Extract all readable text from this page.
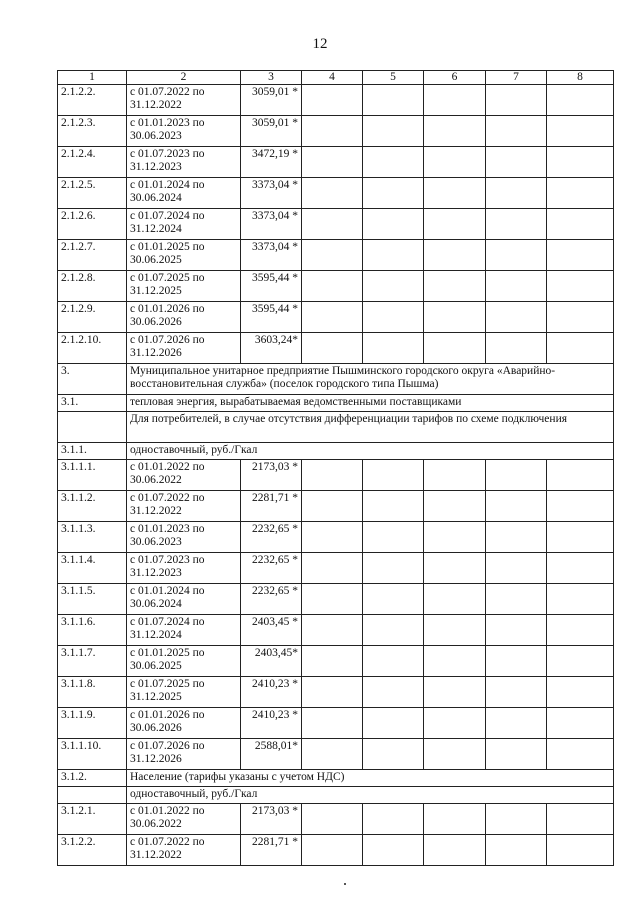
12
1	2	3	4	5	6	7	8
2.1.2.2.	с 01.07.2022 по 31.12.2022	3059,01 *					
2.1.2.3.	с 01.01.2023 по 30.06.2023	3059,01 *					
2.1.2.4.	с 01.07.2023 по 31.12.2023	3472,19 *					
2.1.2.5.	с 01.01.2024 по 30.06.2024	3373,04 *					
2.1.2.6.	с 01.07.2024 по 31.12.2024	3373,04 *					
2.1.2.7.	с 01.01.2025 по 30.06.2025	3373,04 *					
2.1.2.8.	с 01.07.2025 по 31.12.2025	3595,44 *					
2.1.2.9.	с 01.01.2026 по 30.06.2026	3595,44 *					
2.1.2.10.	с 01.07.2026 по 31.12.2026	3603,24*					
3.	Муниципальное унитарное предприятие Пышминского городского округа «Аварийно-восстановительная служба» (поселок городского типа Пышма)						
3.1.	тепловая энергия, вырабатываемая ведомственными поставщиками						
	Для потребителей, в случае отсутствия дифференциации тарифов по схеме подключения						
3.1.1.	одноставочный, руб./Гкал						
3.1.1.1.	с 01.01.2022 по 30.06.2022	2173,03 *					
3.1.1.2.	с 01.07.2022 по 31.12.2022	2281,71 *					
3.1.1.3.	с 01.01.2023 по 30.06.2023	2232,65 *					
3.1.1.4.	с 01.07.2023 по 31.12.2023	2232,65 *					
3.1.1.5.	с 01.01.2024 по 30.06.2024	2232,65 *					
3.1.1.6.	с 01.07.2024 по 31.12.2024	2403,45 *					
3.1.1.7.	с 01.01.2025 по 30.06.2025	2403,45*					
3.1.1.8.	с 01.07.2025 по 31.12.2025	2410,23 *					
3.1.1.9.	с 01.01.2026 по 30.06.2026	2410,23 *					
3.1.1.10.	с 01.07.2026 по 31.12.2026	2588,01*					
3.1.2.	Население (тарифы указаны с учетом НДС)						
	одноставочный, руб./Гкал						
3.1.2.1.	с 01.01.2022 по 30.06.2022	2173,03 *					
3.1.2.2.	с 01.07.2022 по 31.12.2022	2281,71 *					
